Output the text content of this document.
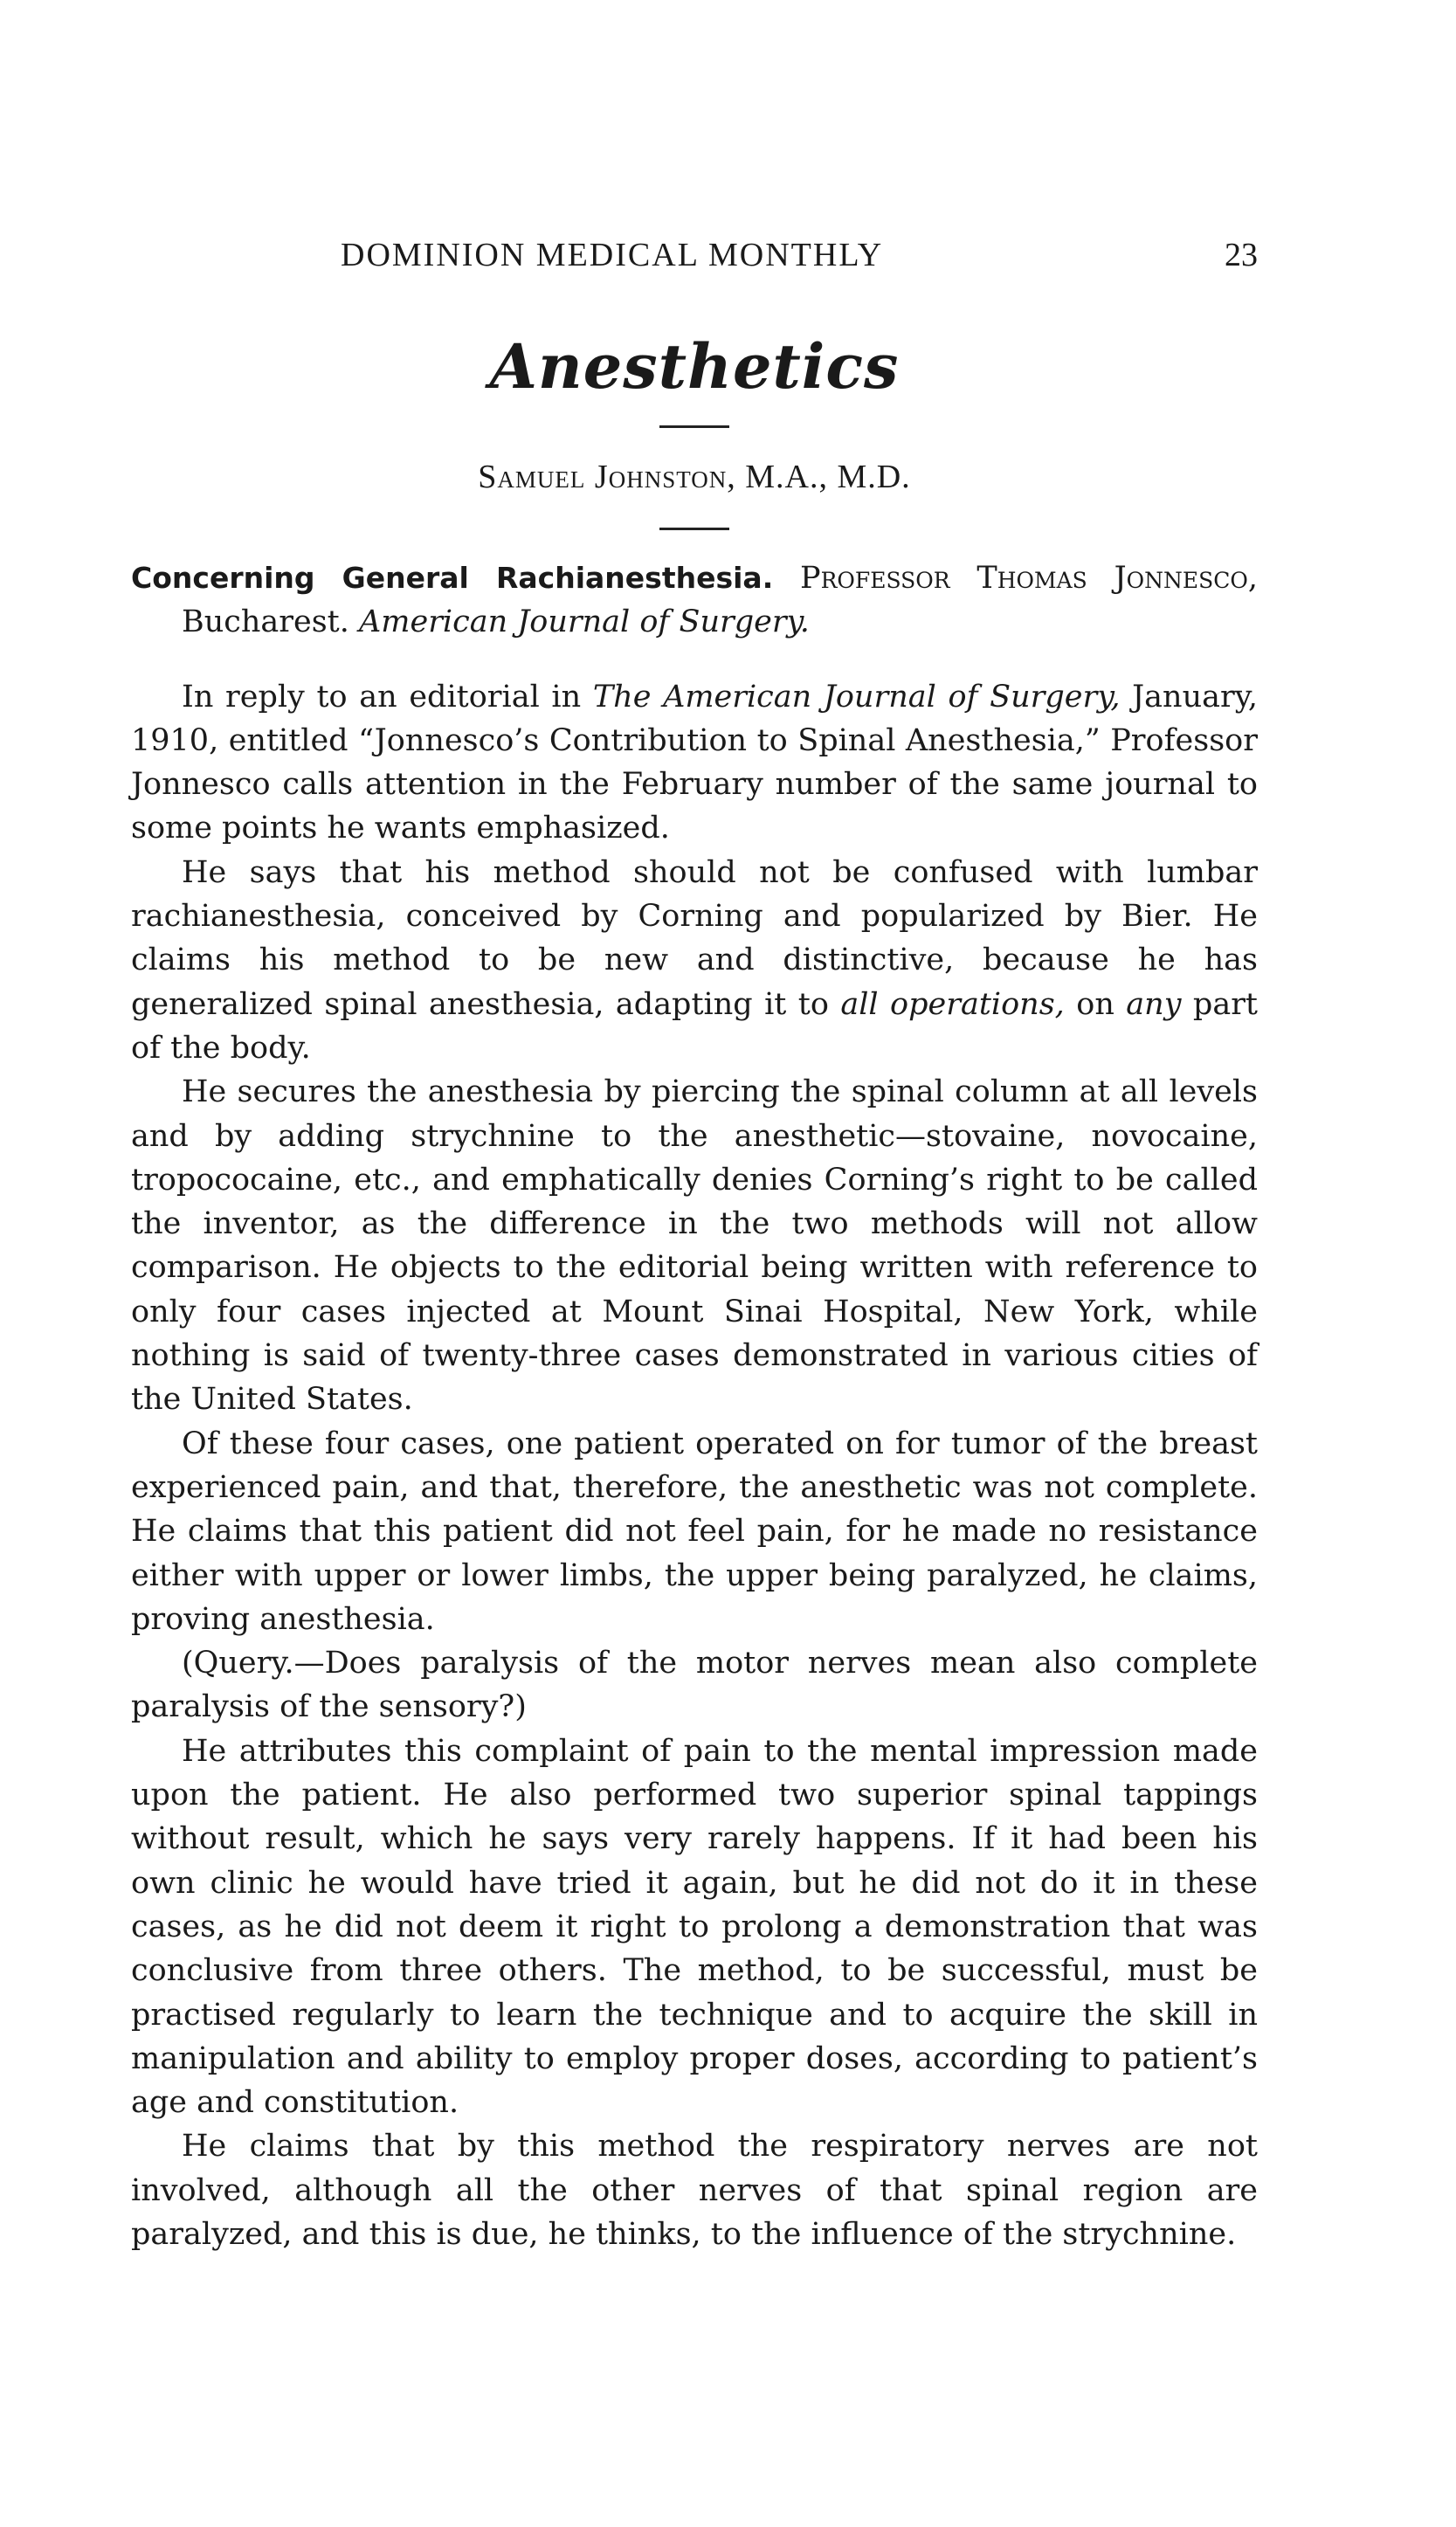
DOMINION MEDICAL MONTHLY	23
Anesthetics
Samuel Johnston, M.A., M.D.

Concerning General Rachianesthesia. Professor Thomas Jonnesco, Bucharest. American Journal of Surgery.

In reply to an editorial in The American Journal of Surgery, January, 1910, entitled “Jonnesco’s Contribution to Spinal Anesthesia,” Professor Jonnesco calls attention in the February number of the same journal to some points he wants emphasized.

He says that his method should not be confused with lumbar rachianesthesia, conceived by Corning and popularized by Bier. He claims his method to be new and distinctive, because he has generalized spinal anesthesia, adapting it to all operations, on any part of the body.

He secures the anesthesia by piercing the spinal column at all levels and by adding strychnine to the anesthetic—stovaine, novocaine, tropococaine, etc., and emphatically denies Corning’s right to be called the inventor, as the difference in the two methods will not allow comparison. He objects to the editorial being written with reference to only four cases injected at Mount Sinai Hospital, New York, while nothing is said of twenty-three cases demonstrated in various cities of the United States.

Of these four cases, one patient operated on for tumor of the breast experienced pain, and that, therefore, the anesthetic was not complete. He claims that this patient did not feel pain, for he made no resistance either with upper or lower limbs, the upper being paralyzed, he claims, proving anesthesia.

(Query.—Does paralysis of the motor nerves mean also complete paralysis of the sensory?)

He attributes this complaint of pain to the mental impression made upon the patient. He also performed two superior spinal tappings without result, which he says very rarely happens. If it had been his own clinic he would have tried it again, but he did not do it in these cases, as he did not deem it right to prolong a demonstration that was conclusive from three others. The method, to be successful, must be practised regularly to learn the technique and to acquire the skill in manipulation and ability to employ proper doses, according to patient’s age and constitution.

He claims that by this method the respiratory nerves are not involved, although all the other nerves of that spinal region are paralyzed, and this is due, he thinks, to the influence of the strychnine.
